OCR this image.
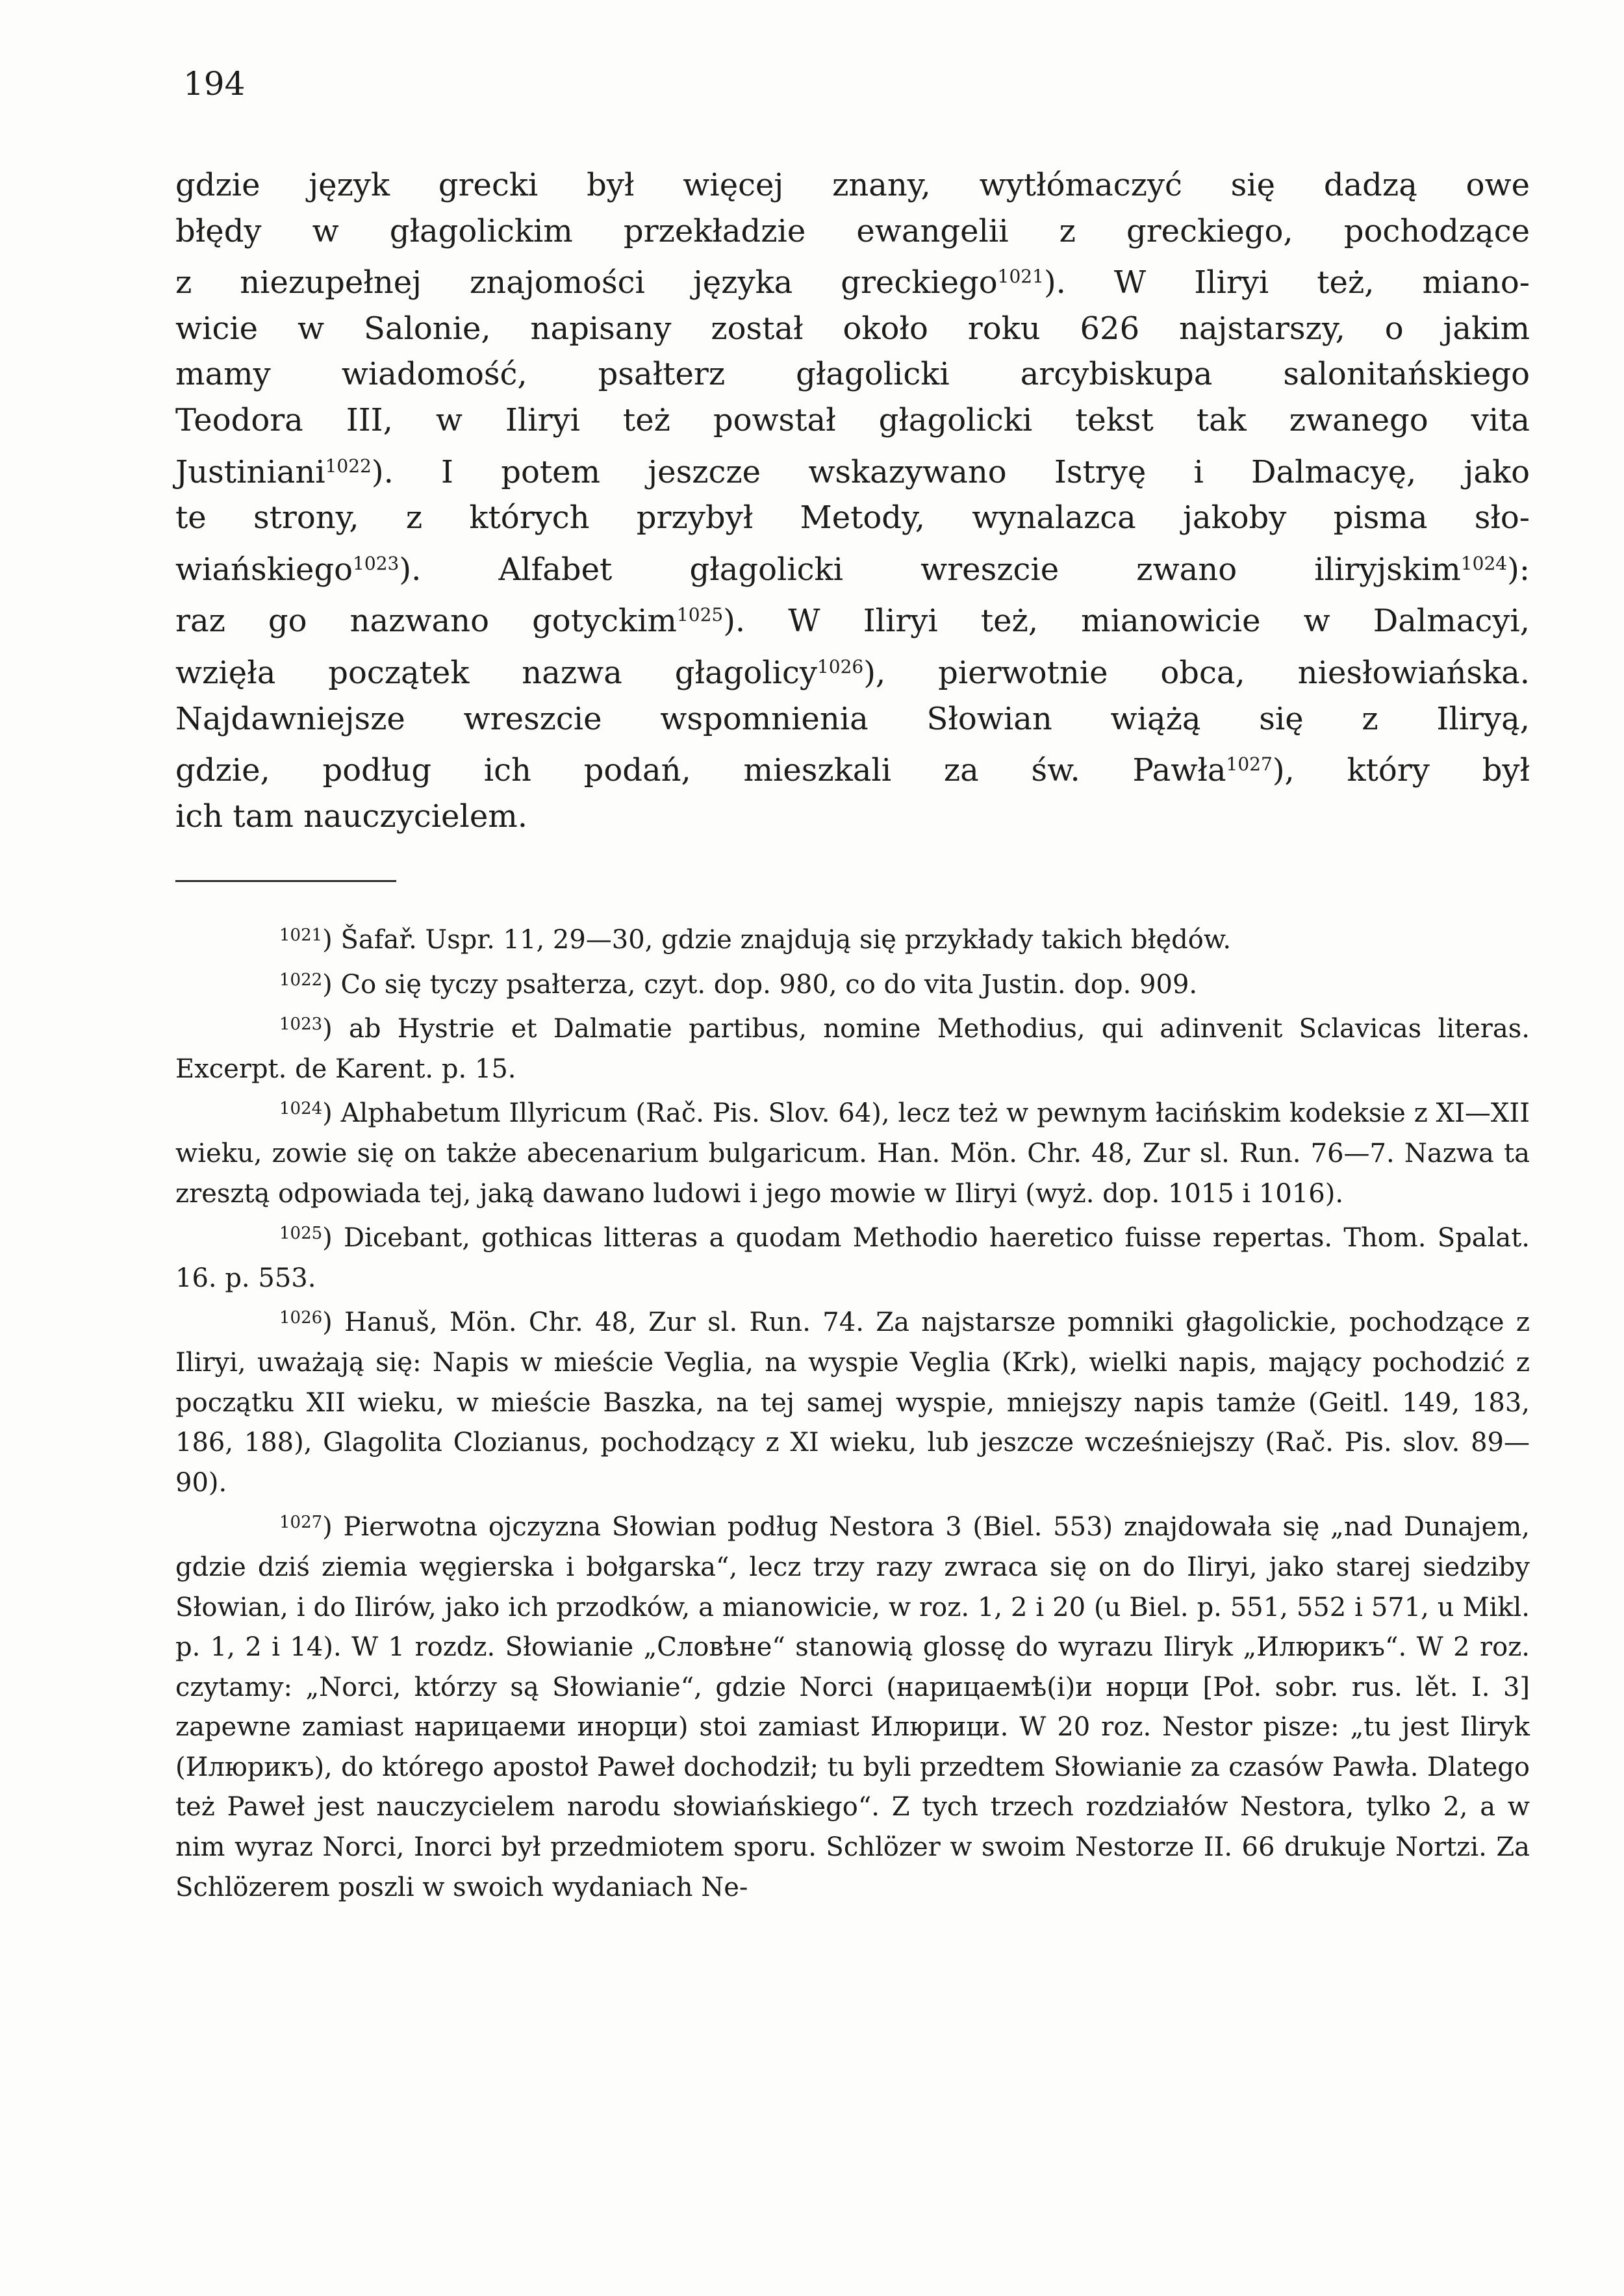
194
gdzie język grecki był więcej znany, wytłómaczyć się dadzą owe
błędy w głagolickim przekładzie ewangelii z greckiego, pochodzące
z niezupełnej znajomości języka greckiego$^{1021}$). W Iliryi też, miano-
wicie w Salonie, napisany został około roku 626 najstarszy, o jakim
mamy wiadomość, psałterz głagolicki arcybiskupa salonitańskiego
Teodora III, w Iliryi też powstał głagolicki tekst tak zwanego vita
Justiniani$^{1022}$). I potem jeszcze wskazywano Istryę i Dalmacyę, jako
te strony, z których przybył Metody, wynalazca jakoby pisma sło-
wiańskiego$^{1023}$). Alfabet głagolicki wreszcie zwano iliryjskim$^{1024}$):
raz go nazwano gotyckim$^{1025}$). W Iliryi też, mianowicie w Dalmacyi,
wzięła początek nazwa głagolicy$^{1026}$), pierwotnie obca, niesłowiańska.
Najdawniejsze wreszcie wspomnienia Słowian wiążą się z Iliryą,
gdzie, podług ich podań, mieszkali za św. Pawła$^{1027}$), który był
ich tam nauczycielem.

$^{1021}$) Šafař. Uspr. 11, 29—30, gdzie znajdują się przykłady takich błędów.

$^{1022}$) Co się tyczy psałterza, czyt. dop. 980, co do vita Justin. dop. 909.

$^{1023}$) ab Hystrie et Dalmatie partibus, nomine Methodius, qui adinvenit Sclavicas literas. Excerpt. de Karent. p. 15.

$^{1024}$) Alphabetum Illyricum (Rač. Pis. Slov. 64), lecz też w pewnym łacińskim kodeksie z XI—XII wieku, zowie się on także abecenarium bulgaricum. Han. Mön. Chr. 48, Zur sl. Run. 76—7. Nazwa ta zresztą odpowiada tej, jaką dawano ludowi i jego mowie w Iliryi (wyż. dop. 1015 i 1016).

$^{1025}$) Dicebant, gothicas litteras a quodam Methodio haeretico fuisse repertas. Thom. Spalat. 16. p. 553.

$^{1026}$) Hanuš, Mön. Chr. 48, Zur sl. Run. 74. Za najstarsze pomniki głagolickie, pochodzące z Iliryi, uważają się: Napis w mieście Veglia, na wyspie Veglia (Krk), wielki napis, mający pochodzić z początku XII wieku, w mieście Baszka, na tej samej wyspie, mniejszy napis tamże (Geitl. 149, 183, 186, 188), Glagolita Clozianus, pochodzący z XI wieku, lub jeszcze wcześniejszy (Rač. Pis. slov. 89—90).

$^{1027}$) Pierwotna ojczyzna Słowian podług Nestora 3 (Biel. 553) znajdowała się „nad Dunajem, gdzie dziś ziemia węgierska i bołgarska“, lecz trzy razy zwraca się on do Iliryi, jako starej siedziby Słowian, i do Ilirów, jako ich przodków, a mianowicie, w roz. 1, 2 i 20 (u Biel. p. 551, 552 i 571, u Mikl. p. 1, 2 i 14). W 1 rozdz. Słowianie „Словѣне“ stanowią glossę do wyrazu Iliryk „Илюрикъ“. W 2 roz. czytamy: „Norci, którzy są Słowianie“, gdzie Norci (нарицаемѣ(i)и норци [Poł. sobr. rus. lět. I. 3] zapewne zamiast нарицаеми инорци) stoi zamiast Илюрици. W 20 roz. Nestor pisze: „tu jest Iliryk (Илюрикъ), do którego apostoł Paweł dochodził; tu byli przedtem Słowianie za czasów Pawła. Dlatego też Paweł jest nauczycielem narodu słowiańskiego“. Z tych trzech rozdziałów Nestora, tylko 2, a w nim wyraz Norci, Inorci był przedmiotem sporu. Schlözer w swoim Nestorze II. 66 drukuje Nortzi. Za Schlözerem poszli w swoich wydaniach Ne-
